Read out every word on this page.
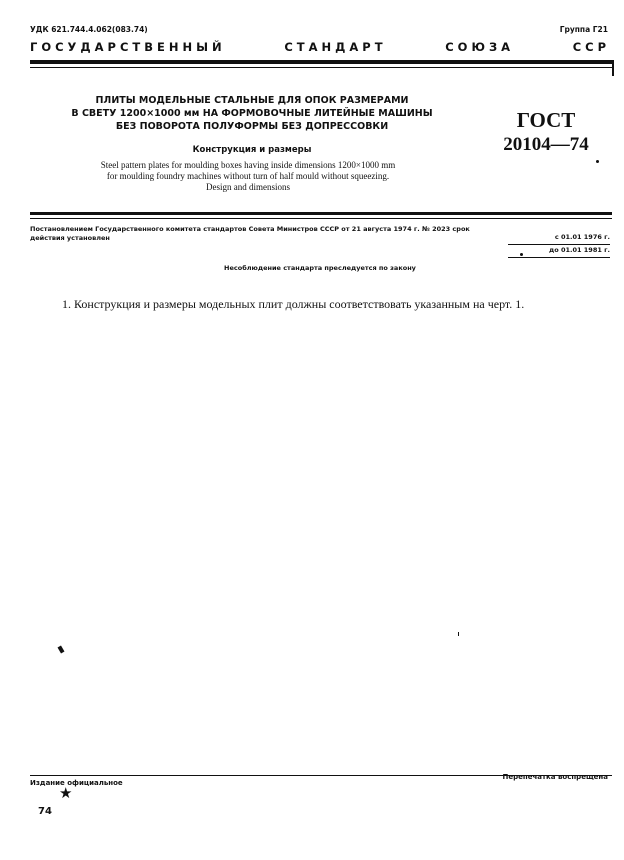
УДК 621.744.4.062(083.74)	Группа Г21
ГОСУДАРСТВЕННЫЙ	СТАНДАРТ	СОЮЗА	ССР
ПЛИТЫ МОДЕЛЬНЫЕ СТАЛЬНЫЕ ДЛЯ ОПОК РАЗМЕРАМИ
В СВЕТУ 1200×1000 мм НА ФОРМОВОЧНЫЕ ЛИТЕЙНЫЕ МАШИНЫ
БЕЗ ПОВОРОТА ПОЛУФОРМЫ БЕЗ ДОПРЕССОВКИ
Конструкция и размеры
Steel pattern plates for moulding boxes having inside dimensions 1200×1000 mm
for moulding foundry machines without turn of half mould without squeezing.
Design and dimensions
ГОСТ
20104—74
Постановлением Государственного комитета стандартов Совета Министров СССР от 21 августа 1974 г. № 2023 срок
действия установлен	с 01.01 1976 г.
до 01.01 1981 г.
Несоблюдение стандарта преследуется по закону
1. Конструкция и размеры модельных плит должны соответствовать указанным на черт. 1.
Издание официальное
Перепечатка воспрещена
★
74
